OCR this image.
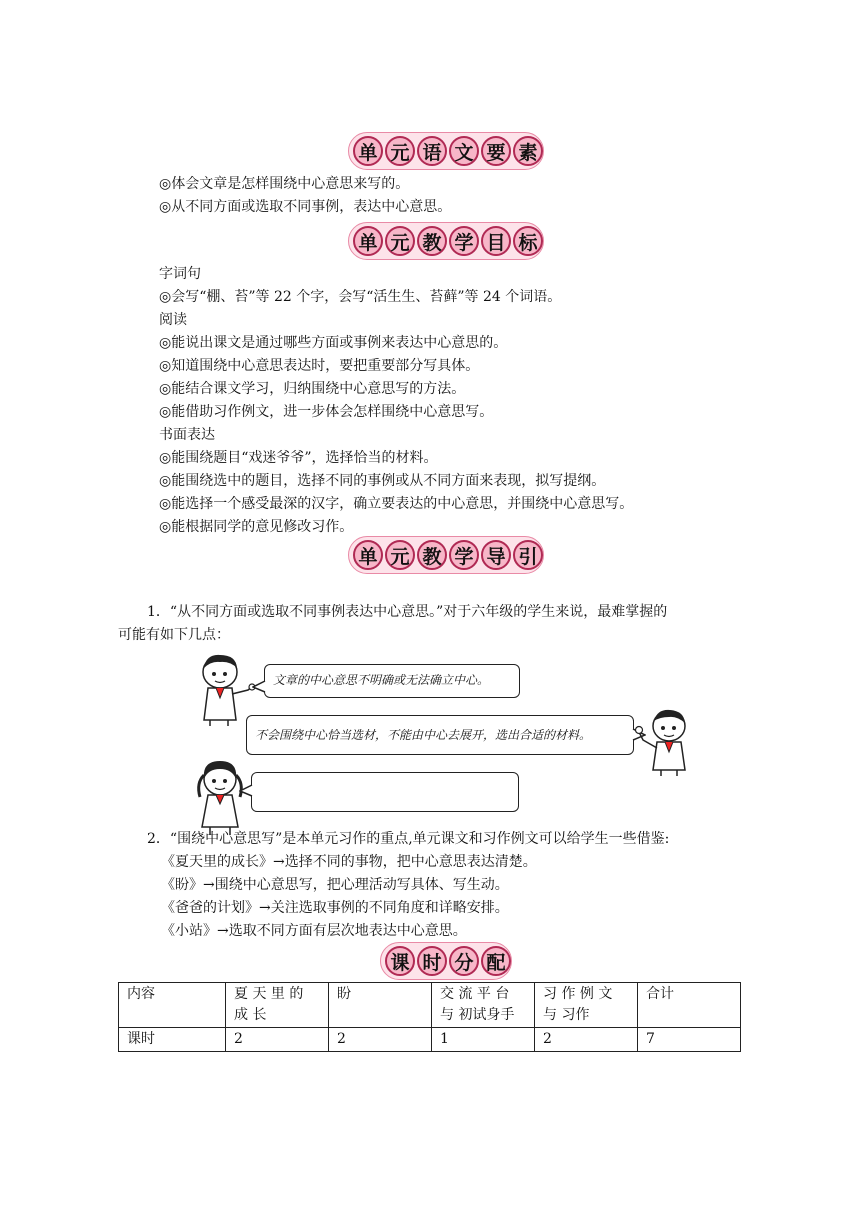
单 元 语 文 要 素
◎体会文章是怎样围绕中心意思来写的。
◎从不同方面或选取不同事例，表达中心意思。
单 元 教 学 目 标
字词句
◎会写“棚、苔”等 22 个字，会写“活生生、苔藓”等 24 个词语。
阅读
◎能说出课文是通过哪些方面或事例来表达中心意思的。
◎知道围绕中心意思表达时，要把重要部分写具体。
◎能结合课文学习，归纳围绕中心意思写的方法。
◎能借助习作例文，进一步体会怎样围绕中心意思写。
书面表达
◎能围绕题目“戏迷爷爷”，选择恰当的材料。
◎能围绕选中的题目，选择不同的事例或从不同方面来表现，拟写提纲。
◎能选择一个感受最深的汉字，确立要表达的中心意思，并围绕中心意思写。
◎能根据同学的意见修改习作。
单 元 教 学 导 引
1．“从不同方面或选取不同事例表达中心意思。”对于六年级的学生来说，最难掌握的
可能有如下几点：
文章的中心意思不明确或无法确立中心。
不会围绕中心恰当选材，不能由中心去展开，选出合适的材料。
2．“围绕中心意思写”是本单元习作的重点,单元课文和习作例文可以给学生一些借鉴:
《夏天里的成长》→选择不同的事物，把中心意思表达清楚。
《盼》→围绕中心意思写，把心理活动写具体、写生动。
《爸爸的计划》→关注选取事例的不同角度和详略安排。
《小站》→选取不同方面有层次地表达中心意思。
课 时 分 配
内容	夏 天 里 的 成 长	盼	交 流 平 台 与 初试身手	习 作 例 文 与 习作	合计
课时	2	2	1	2	7
